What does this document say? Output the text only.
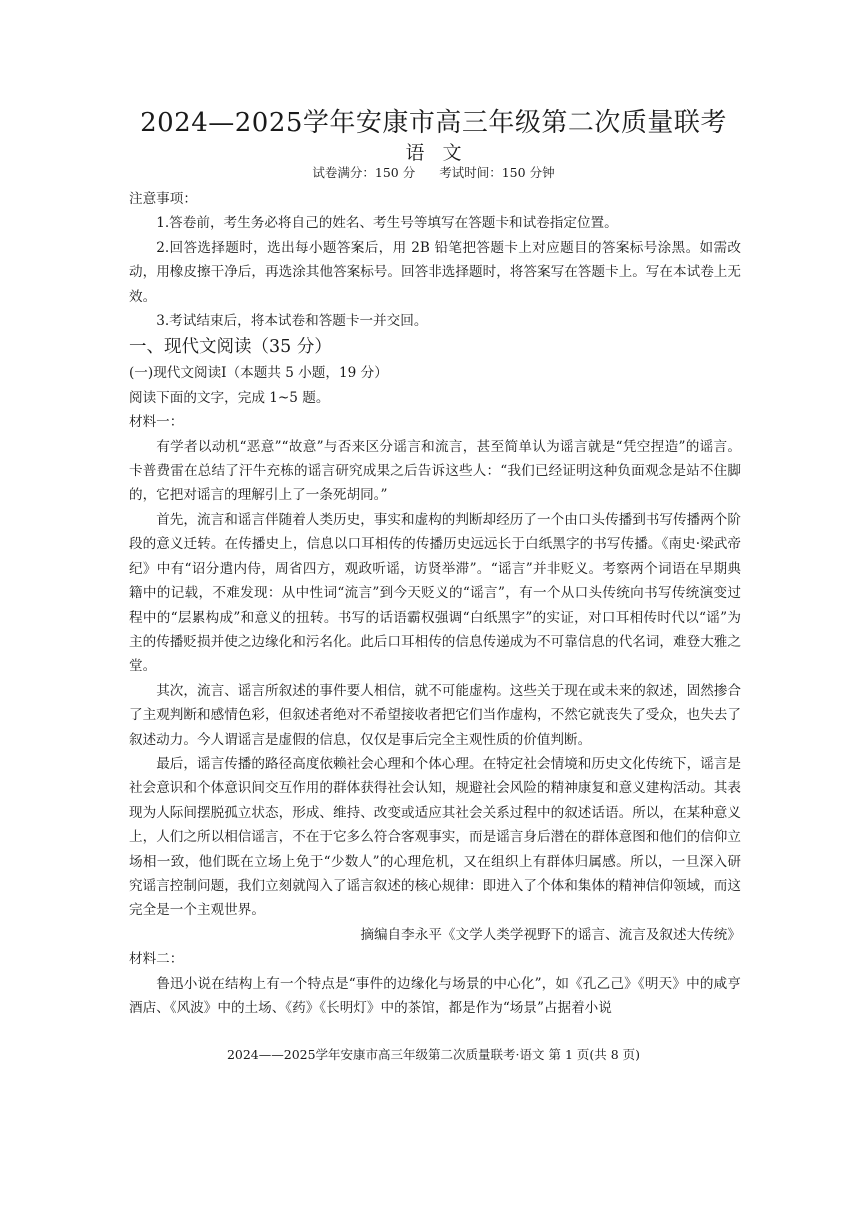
2024—2025学年安康市高三年级第二次质量联考
语文
试卷满分：150 分 考试时间：150 分钟

注意事项：

1.答卷前，考生务必将自己的姓名、考生号等填写在答题卡和试卷指定位置。

2.回答选择题时，选出每小题答案后，用 2B 铅笔把答题卡上对应题目的答案标号涂黑。如需改动，用橡皮擦干净后，再选涂其他答案标号。回答非选择题时，将答案写在答题卡上。写在本试卷上无效。

3.考试结束后，将本试卷和答题卡一并交回。

一、现代文阅读（35 分）

(一)现代文阅读Ⅰ（本题共 5 小题，19 分）

阅读下面的文字，完成 1~5 题。

材料一：

有学者以动机“恶意”“故意”与否来区分谣言和流言，甚至简单认为谣言就是“凭空捏造”的谣言。卡普费雷在总结了汗牛充栋的谣言研究成果之后告诉这些人：“我们已经证明这种负面观念是站不住脚的，它把对谣言的理解引上了一条死胡同。”

首先，流言和谣言伴随着人类历史，事实和虚构的判断却经历了一个由口头传播到书写传播两个阶段的意义迁转。在传播史上，信息以口耳相传的传播历史远远长于白纸黑字的书写传播。《南史·梁武帝纪》中有“诏分遣内侍，周省四方，观政听谣，访贤举滞”。“谣言”并非贬义。考察两个词语在早期典籍中的记载，不难发现：从中性词“流言”到今天贬义的“谣言”，有一个从口头传统向书写传统演变过程中的“层累构成”和意义的扭转。书写的话语霸权强调“白纸黑字”的实证，对口耳相传时代以“谣”为主的传播贬损并使之边缘化和污名化。此后口耳相传的信息传递成为不可靠信息的代名词，难登大雅之堂。

其次，流言、谣言所叙述的事件要人相信，就不可能虚构。这些关于现在或未来的叙述，固然掺合了主观判断和感情色彩，但叙述者绝对不希望接收者把它们当作虚构，不然它就丧失了受众，也失去了叙述动力。今人谓谣言是虚假的信息，仅仅是事后完全主观性质的价值判断。

最后，谣言传播的路径高度依赖社会心理和个体心理。在特定社会情境和历史文化传统下，谣言是社会意识和个体意识间交互作用的群体获得社会认知，规避社会风险的精神康复和意义建构活动。其表现为人际间摆脱孤立状态，形成、维持、改变或适应其社会关系过程中的叙述话语。所以，在某种意义上，人们之所以相信谣言，不在于它多么符合客观事实，而是谣言身后潜在的群体意图和他们的信仰立场相一致，他们既在立场上免于“少数人”的心理危机，又在组织上有群体归属感。所以，一旦深入研究谣言控制问题，我们立刻就闯入了谣言叙述的核心规律：即进入了个体和集体的精神信仰领域，而这完全是一个主观世界。

摘编自李永平《文学人类学视野下的谣言、流言及叙述大传统》

材料二：

鲁迅小说在结构上有一个特点是“事件的边缘化与场景的中心化”，如《孔乙己》《明天》中的咸亨酒店、《风波》中的土场、《药》《长明灯》中的茶馆，都是作为“场景”占据着小说

2024——2025学年安康市高三年级第二次质量联考·语文 第 1 页(共 8 页)
